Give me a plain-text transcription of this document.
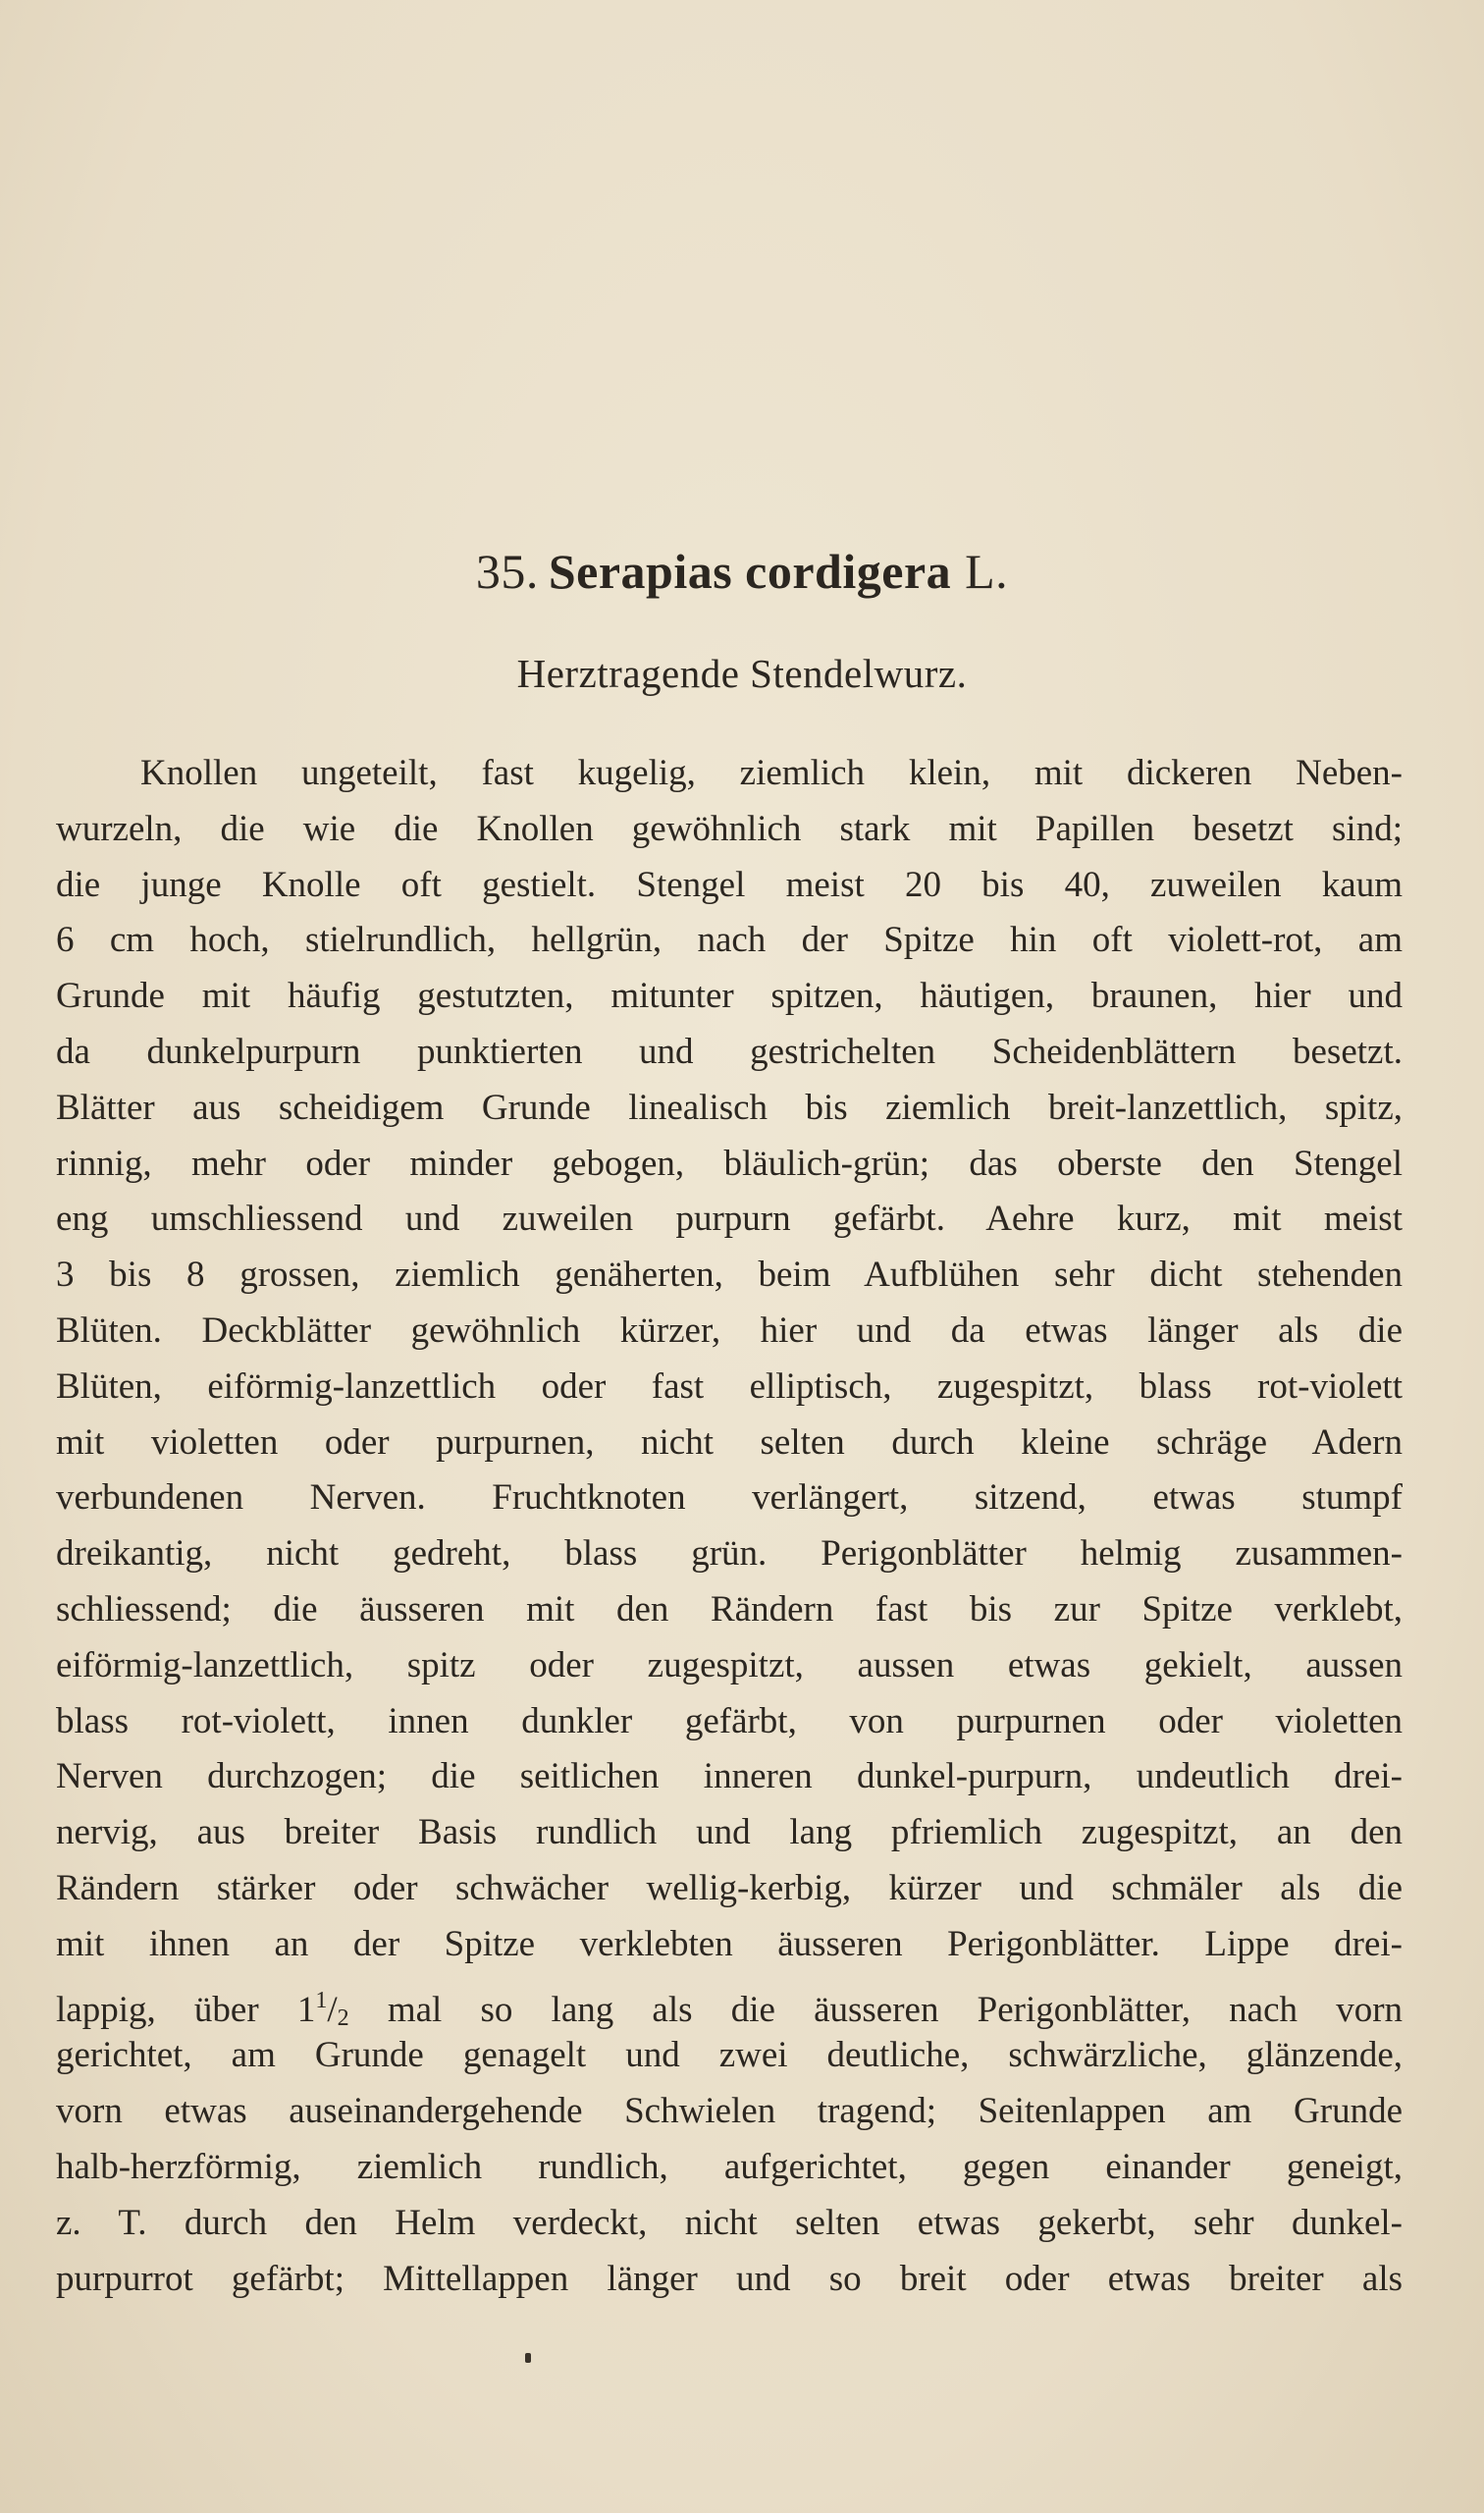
35. Serapias cordigera L.
Herztragende Stendelwurz.
Knollen ungeteilt, fast kugelig, ziemlich klein, mit dickeren Neben-
wurzeln, die wie die Knollen gewöhnlich stark mit Papillen besetzt sind;
die junge Knolle oft gestielt. Stengel meist 20 bis 40, zuweilen kaum
6 cm hoch, stielrundlich, hellgrün, nach der Spitze hin oft violett-rot, am
Grunde mit häufig gestutzten, mitunter spitzen, häutigen, braunen, hier und
da dunkelpurpurn punktierten und gestrichelten Scheidenblättern besetzt.
Blätter aus scheidigem Grunde linealisch bis ziemlich breit-lanzettlich, spitz,
rinnig, mehr oder minder gebogen, bläulich-grün; das oberste den Stengel
eng umschliessend und zuweilen purpurn gefärbt. Aehre kurz, mit meist
3 bis 8 grossen, ziemlich genäherten, beim Aufblühen sehr dicht stehenden
Blüten. Deckblätter gewöhnlich kürzer, hier und da etwas länger als die
Blüten, eiförmig-lanzettlich oder fast elliptisch, zugespitzt, blass rot-violett
mit violetten oder purpurnen, nicht selten durch kleine schräge Adern
verbundenen Nerven. Fruchtknoten verlängert, sitzend, etwas stumpf
dreikantig, nicht gedreht, blass grün. Perigonblätter helmig zusammen-
schliessend; die äusseren mit den Rändern fast bis zur Spitze verklebt,
eiförmig-lanzettlich, spitz oder zugespitzt, aussen etwas gekielt, aussen
blass rot-violett, innen dunkler gefärbt, von purpurnen oder violetten
Nerven durchzogen; die seitlichen inneren dunkel-purpurn, undeutlich drei-
nervig, aus breiter Basis rundlich und lang pfriemlich zugespitzt, an den
Rändern stärker oder schwächer wellig-kerbig, kürzer und schmäler als die
mit ihnen an der Spitze verklebten äusseren Perigonblätter. Lippe drei-
lappig, über $1^1/_2$ mal so lang als die äusseren Perigonblätter, nach vorn
gerichtet, am Grunde genagelt und zwei deutliche, schwärzliche, glänzende,
vorn etwas auseinandergehende Schwielen tragend; Seitenlappen am Grunde
halb-herzförmig, ziemlich rundlich, aufgerichtet, gegen einander geneigt,
z. T. durch den Helm verdeckt, nicht selten etwas gekerbt, sehr dunkel-
purpurrot gefärbt; Mittellappen länger und so breit oder etwas breiter als
